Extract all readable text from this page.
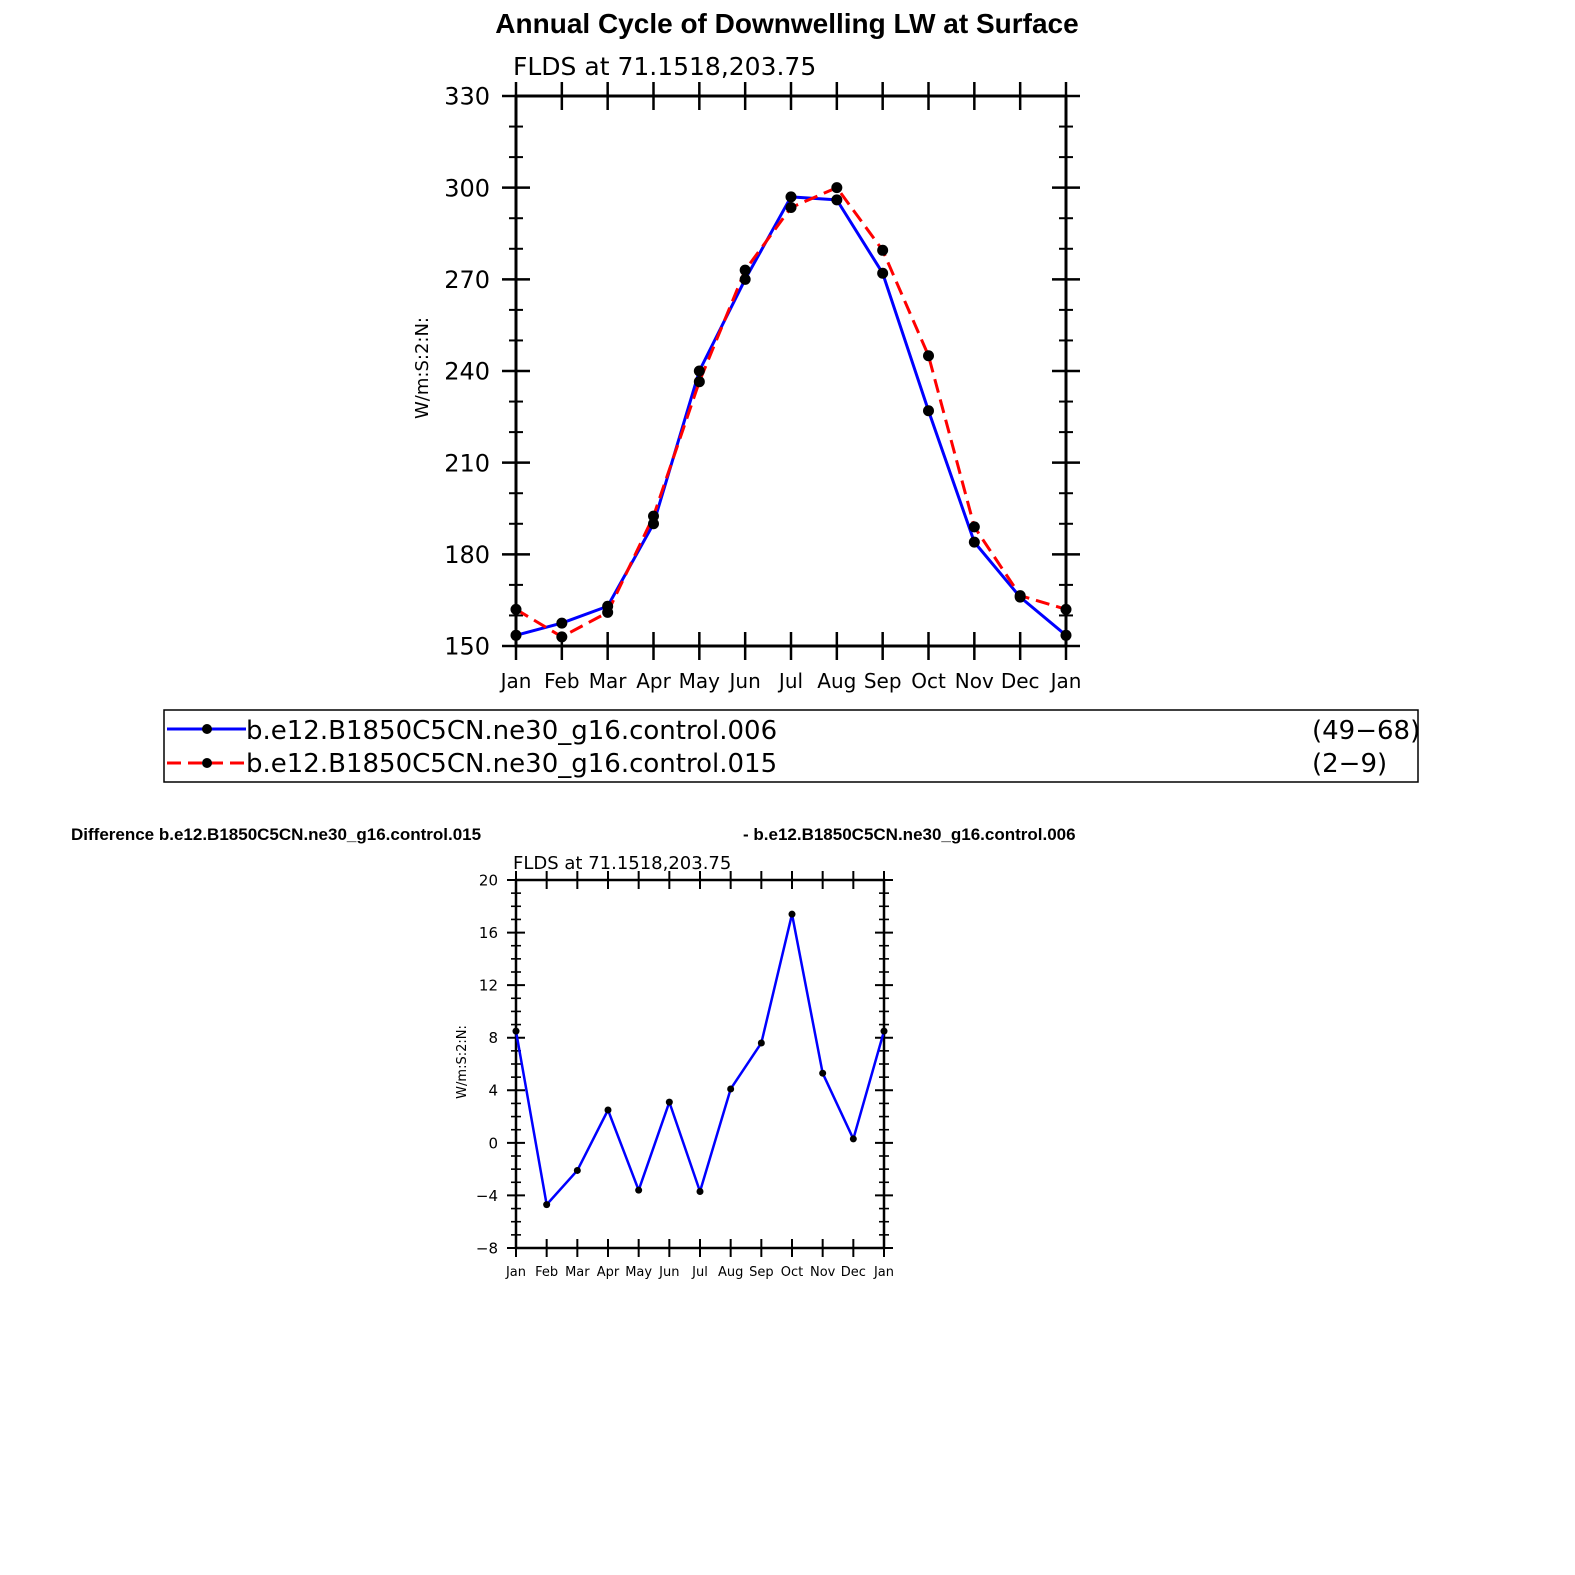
Annual Cycle of Downwelling LW at Surface
FLDS at 71.1518,203.75
W/m:S:2:N:
150
180
210
240
270
300
330
Jan Feb Mar Apr May Jun Jul Aug Sep Oct Nov Dec Jan
b.e12.B1850C5CN.ne30_g16.control.006	(49−68)
b.e12.B1850C5CN.ne30_g16.control.015	(2−9)
Difference b.e12.B1850C5CN.ne30_g16.control.015	- b.e12.B1850C5CN.ne30_g16.control.006
FLDS at 71.1518,203.75
W/m:S:2:N:
−8
−4
0
4
8
12
16
20
Jan Feb Mar Apr May Jun Jul Aug Sep Oct Nov Dec Jan
